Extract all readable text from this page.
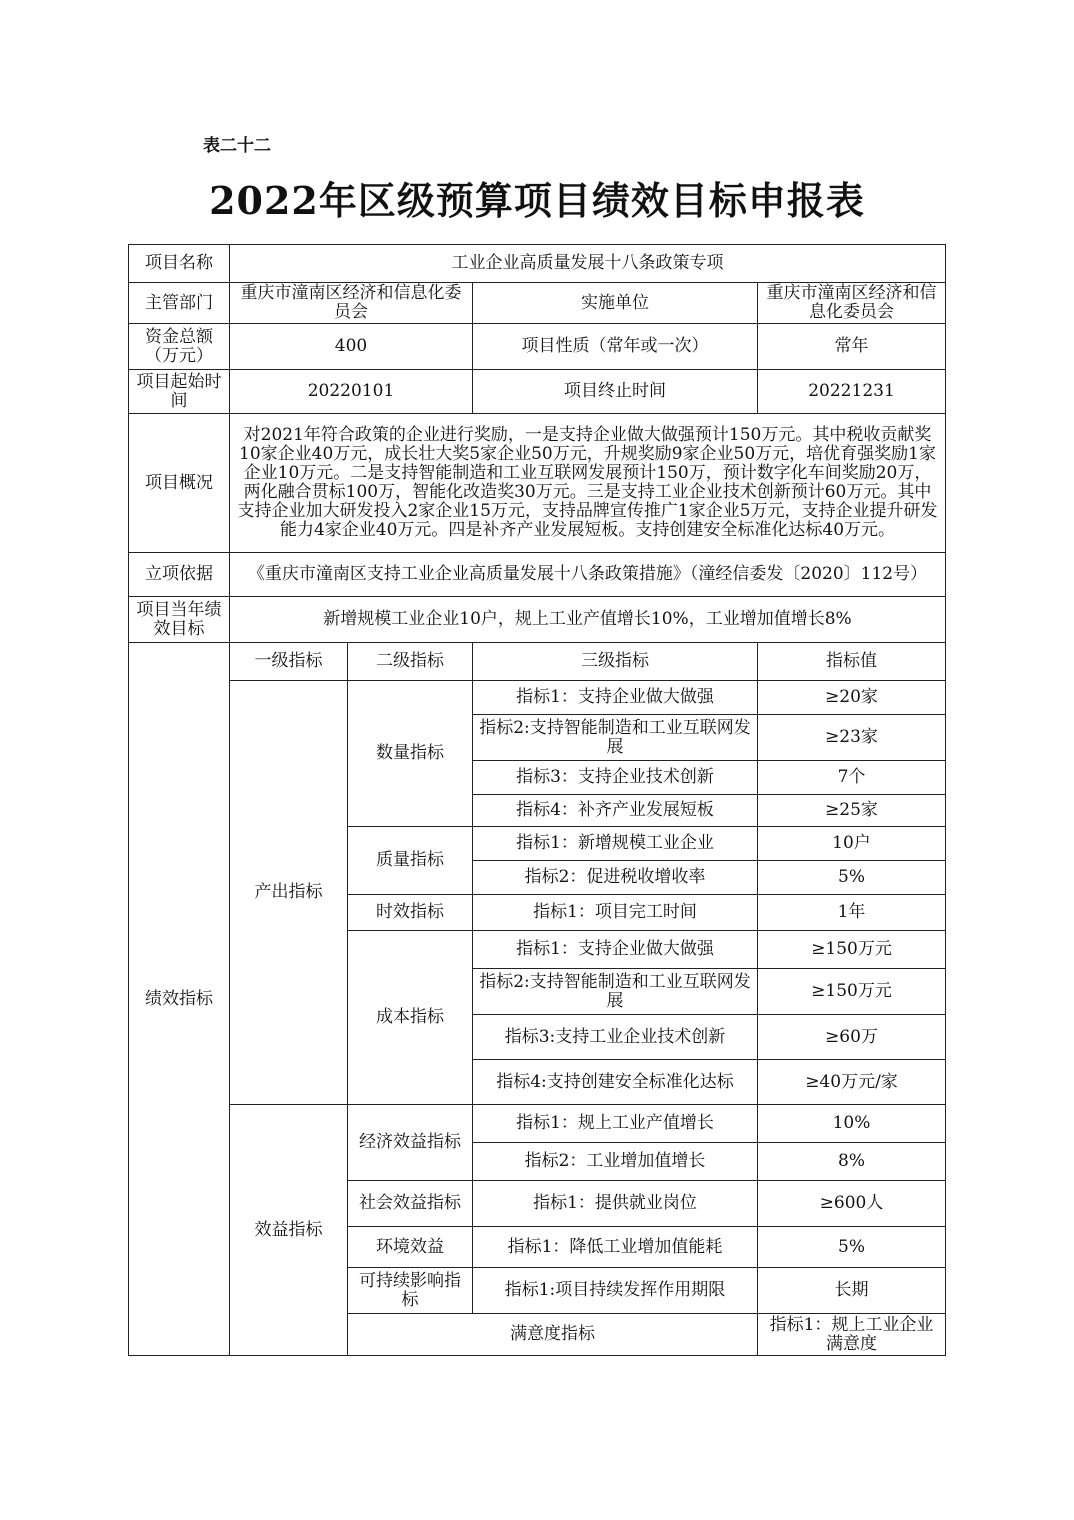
表二十二
2022年区级预算项目绩效目标申报表
项目名称	工业企业高质量发展十八条政策专项				
主管部门	重庆市潼南区经济和信息化委员会		实施单位	重庆市潼南区经济和信息化委员会	
资金总额（万元）	400		项目性质（常年或一次）	常年	
项目起始时间	20220101		项目终止时间	20221231	
项目概况	对2021年符合政策的企业进行奖励，一是支持企业做大做强预计150万元。其中税收贡献奖10家企业40万元，成长壮大奖5家企业50万元，升规奖励9家企业50万元，培优育强奖励1家企业10万元。二是支持智能制造和工业互联网发展预计150万，预计数字化车间奖励20万，两化融合贯标100万，智能化改造奖30万元。三是支持工业企业技术创新预计60万元。其中支持企业加大研发投入2家企业15万元，支持品牌宣传推广1家企业5万元，支持企业提升研发能力4家企业40万元。四是补齐产业发展短板。支持创建安全标准化达标40万元。				
立项依据	《重庆市潼南区支持工业企业高质量发展十八条政策措施》（潼经信委发〔2020〕112号）				
项目当年绩效目标	新增规模工业企业10户，规上工业产值增长10%，工业增加值增长8%				
绩效指标	一级指标	二级指标	三级指标	指标值	
	产出指标	数量指标	指标1：支持企业做大做强	≥20家	
			指标2:支持智能制造和工业互联网发展	≥23家	
			指标3：支持企业技术创新	7个	
			指标4：补齐产业发展短板	≥25家	
		质量指标	指标1：新增规模工业企业	10户	
			指标2：促进税收增收率	5%	
		时效指标	指标1：项目完工时间	1年	
		成本指标	指标1：支持企业做大做强	≥150万元	
			指标2:支持智能制造和工业互联网发展	≥150万元	
			指标3:支持工业企业技术创新	≥60万	
			指标4:支持创建安全标准化达标	≥40万元/家	
	效益指标	经济效益指标	指标1：规上工业产值增长	10%	
			指标2：工业增加值增长	8%	
		社会效益指标	指标1：提供就业岗位	≥600人	
		环境效益	指标1：降低工业增加值能耗	5%	
		可持续影响指标	指标1:项目持续发挥作用期限	长期	
		满意度指标		指标1：规上工业企业满意度	
